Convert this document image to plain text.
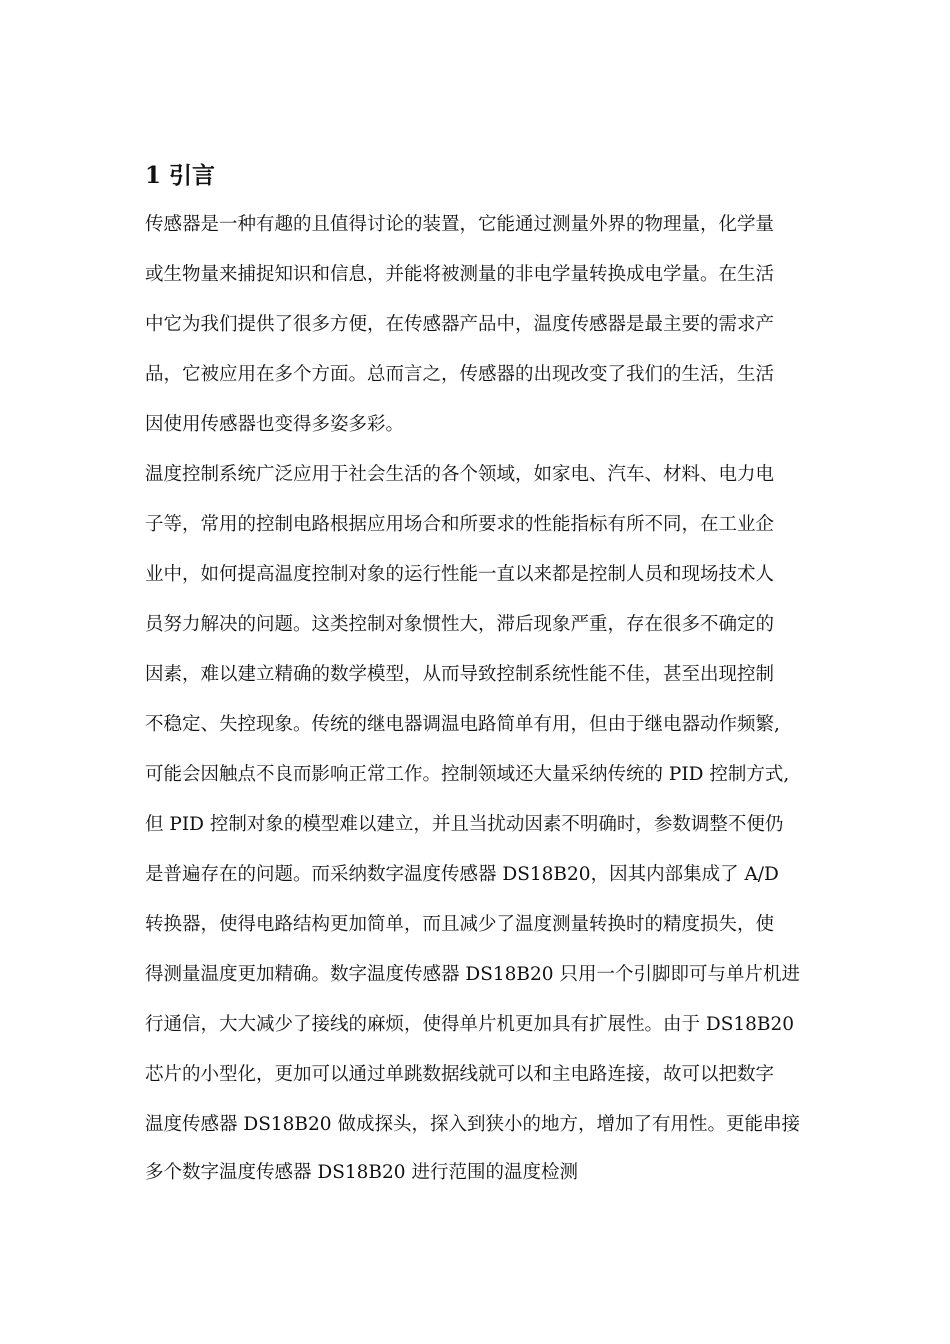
1 引言
传感器是一种有趣的且值得讨论的装置，它能通过测量外界的物理量，化学量
或生物量来捕捉知识和信息，并能将被测量的非电学量转换成电学量。在生活
中它为我们提供了很多方便，在传感器产品中，温度传感器是最主要的需求产
品，它被应用在多个方面。总而言之，传感器的出现改变了我们的生活，生活
因使用传感器也变得多姿多彩。
温度控制系统广泛应用于社会生活的各个领域，如家电、汽车、材料、电力电
子等，常用的控制电路根据应用场合和所要求的性能指标有所不同，在工业企
业中，如何提高温度控制对象的运行性能一直以来都是控制人员和现场技术人
员努力解决的问题。这类控制对象惯性大，滞后现象严重，存在很多不确定的
因素，难以建立精确的数学模型，从而导致控制系统性能不佳，甚至出现控制
不稳定、失控现象。传统的继电器调温电路简单有用，但由于继电器动作频繁,
可能会因触点不良而影响正常工作。控制领域还大量采纳传统的 PID 控制方式,
但 PID 控制对象的模型难以建立，并且当扰动因素不明确时，参数调整不便仍
是普遍存在的问题。而采纳数字温度传感器 DS18B20，因其内部集成了 A/D
转换器，使得电路结构更加简单，而且减少了温度测量转换时的精度损失，使
得测量温度更加精确。数字温度传感器 DS18B20 只用一个引脚即可与单片机进
行通信，大大减少了接线的麻烦，使得单片机更加具有扩展性。由于 DS18B20
芯片的小型化，更加可以通过单跳数据线就可以和主电路连接，故可以把数字
温度传感器 DS18B20 做成探头，探入到狭小的地方，增加了有用性。更能串接
多个数字温度传感器 DS18B20 进行范围的温度检测
